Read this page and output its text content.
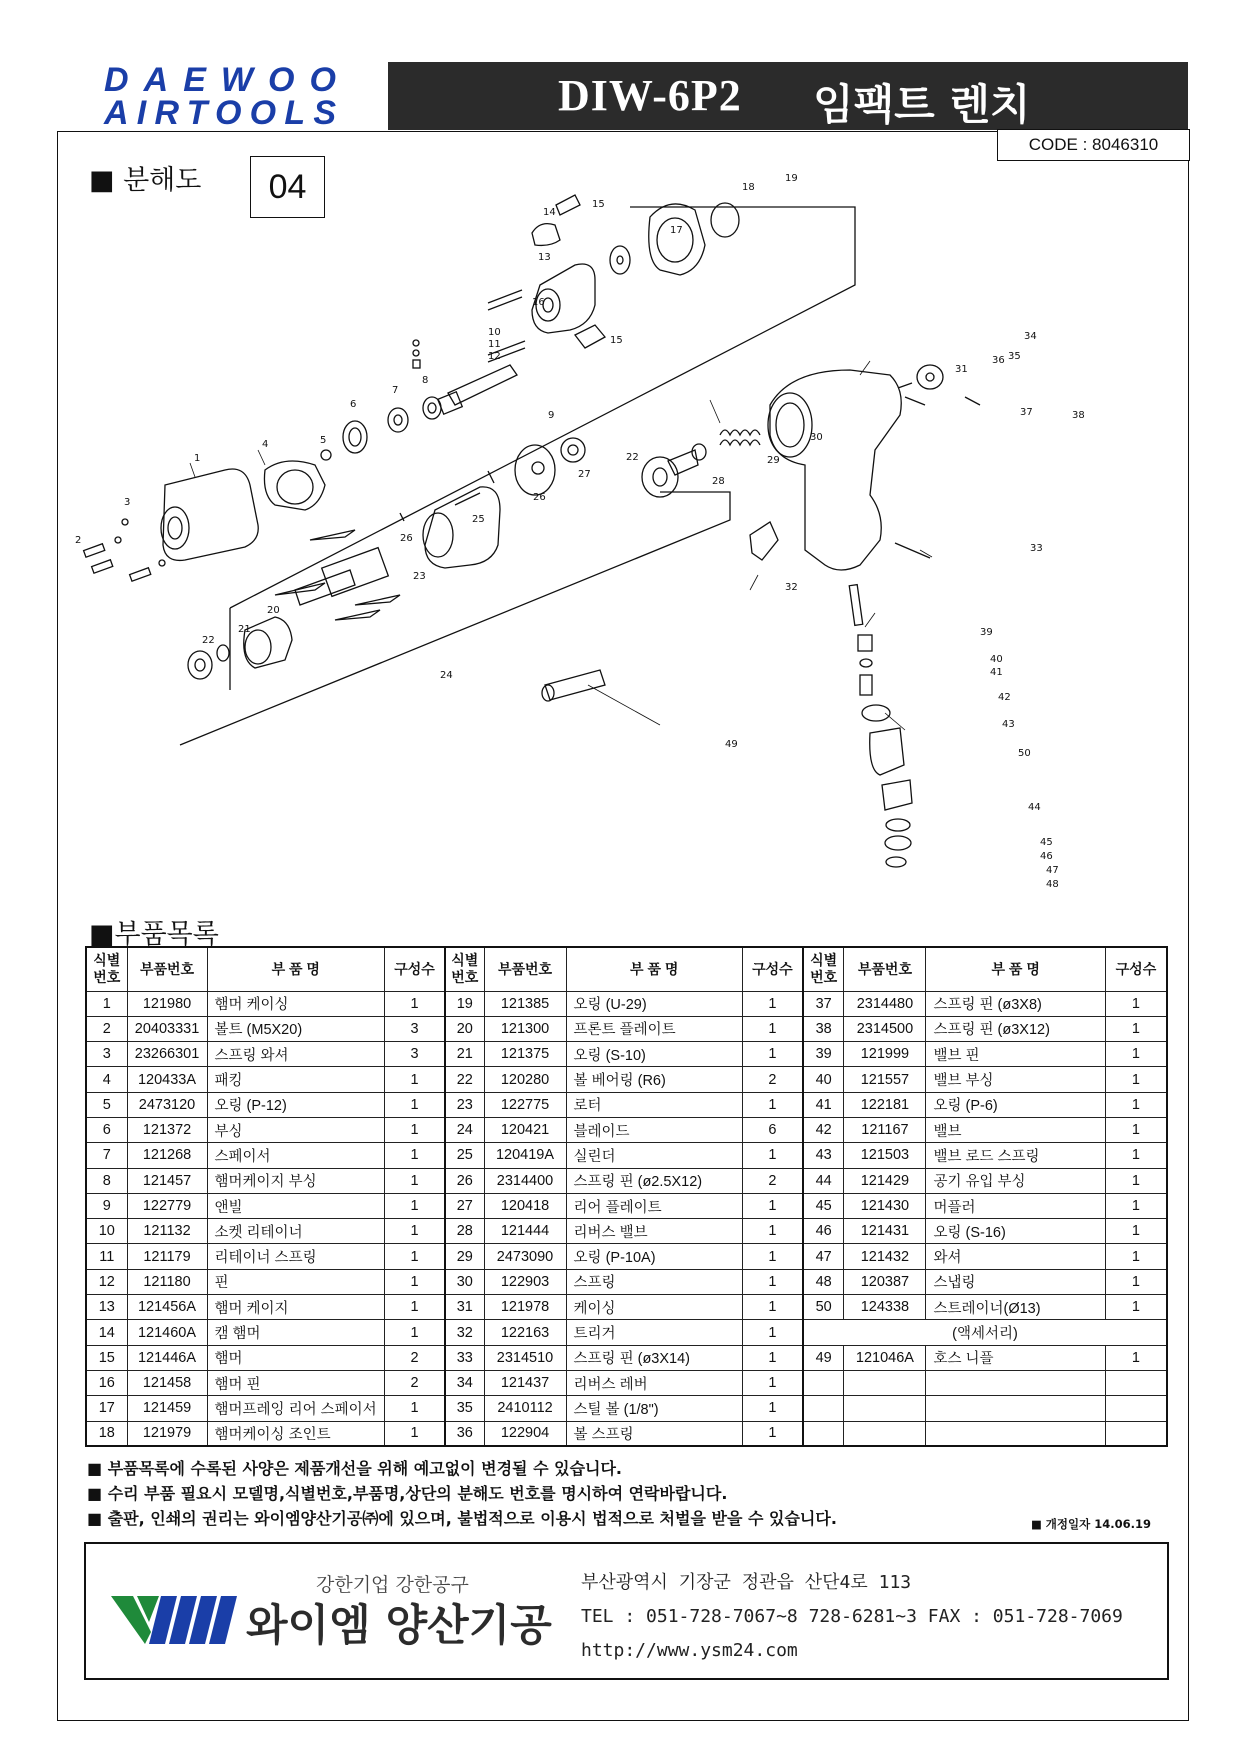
DAEWOO
AIRTOOLS	DIW-6P2 임팩트 렌치
CODE : 8046310
■ 분해도	04
1
2
3
4	5
6
7
8
9
10
11
12
13
14
15
15
16
17
18
19
20
21
22
22
23
24
25
26
26
27
28
29
30
31
32
33
34
35
36
37	38
39
40
41
42
43
44
45
46
47
48
49
50
■부품목록
식별
번호	부품번호	부 품 명	구성수	식별
번호	부품번호	부 품 명	구성수	식별
번호	부품번호	부 품 명	구성수
1	121980	햄머 케이싱	1	19	121385	오링 (U-29)	1	37	2314480	스프링 핀 (ø3X8)	1
2	20403331	볼트 (M5X20)	3	20	121300	프론트 플레이트	1	38	2314500	스프링 핀 (ø3X12)	1
3	23266301	스프링 와셔	3	21	121375	오링 (S-10)	1	39	121999	밸브 핀	1
4	120433A	패킹	1	22	120280	볼 베어링 (R6)	2	40	121557	밸브 부싱	1
5	2473120	오링 (P-12)	1	23	122775	로터	1	41	122181	오링 (P-6)	1
6	121372	부싱	1	24	120421	블레이드	6	42	121167	밸브	1
7	121268	스페이서	1	25	120419A	실린더	1	43	121503	밸브 로드 스프링	1
8	121457	햄머케이지 부싱	1	26	2314400	스프링 핀 (ø2.5X12)	2	44	121429	공기 유입 부싱	1
9	122779	앤빌	1	27	120418	리어 플레이트	1	45	121430	머플러	1
10	121132	소켓 리테이너	1	28	121444	리버스 밸브	1	46	121431	오링 (S-16)	1
11	121179	리테이너 스프링	1	29	2473090	오링 (P-10A)	1	47	121432	와셔	1
12	121180	핀	1	30	122903	스프링	1	48	120387	스냅링	1
13	121456A	햄머 케이지	1	31	121978	케이싱	1	50	124338	스트레이너(Ø13)	1
14	121460A	캠 햄머	1	32	122163	트리거	1	(액세서리)			
15	121446A	햄머	2	33	2314510	스프링 핀 (ø3X14)	1	49	121046A	호스 니플	1
16	121458	햄머 핀	2	34	121437	리버스 레버	1				
17	121459	햄머프레잉 리어 스페이서	1	35	2410112	스틸 볼 (1/8")	1				
18	121979	햄머케이싱 조인트	1	36	122904	볼 스프링	1				
■ 부품목록에 수록된 사양은 제품개선을 위해 예고없이 변경될 수 있습니다.
■ 수리 부품 필요시 모델명,식별번호,부품명,상단의 분해도 번호를 명시하여 연락바랍니다.
■ 출판, 인쇄의 권리는 와이엠양산기공㈜에 있으며, 불법적으로 이용시 법적으로 처벌을 받을 수 있습니다.	■ 개정일자 14.06.19
강한기업 강한공구
와이엠 양산기공
부산광역시 기장군 정관읍 산단4로 113
TEL : 051-728-7067~8 728-6281~3 FAX : 051-728-7069
http://www.ysm24.com
